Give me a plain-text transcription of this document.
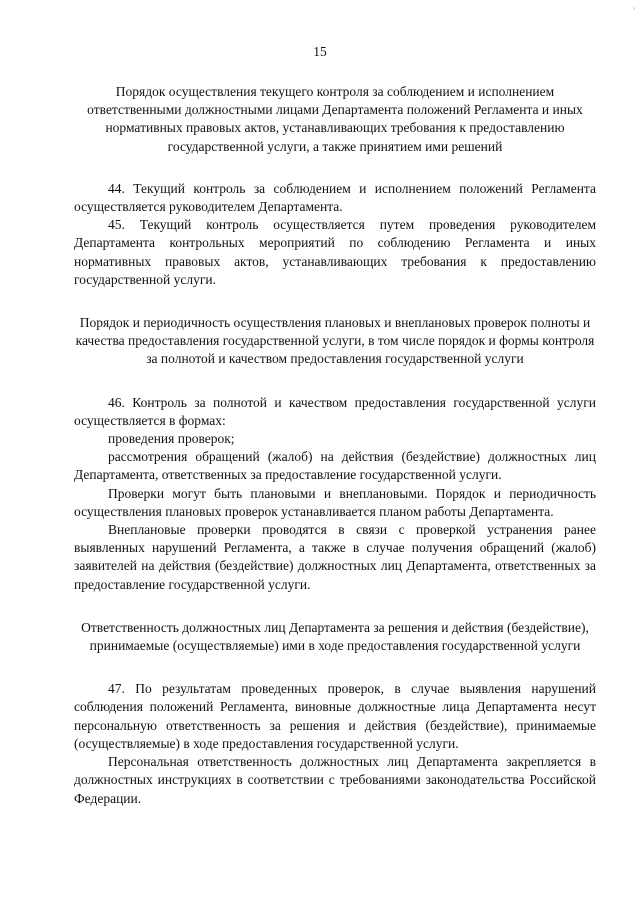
'
15

Порядок осуществления текущего контроля за соблюдением и исполнением ответственными должностными лицами Департамента положений Регламента и иных нормативных правовых актов, устанавливающих требования к предоставлению государственной услуги, а также принятием ими решений

44. Текущий контроль за соблюдением и исполнением положений Регламента осуществляется руководителем Департамента.

45. Текущий контроль осуществляется путем проведения руководителем Департамента контрольных мероприятий по соблюдению Регламента и иных нормативных правовых актов, устанавливающих требования к предоставлению государственной услуги.

Порядок и периодичность осуществления плановых и внеплановых проверок полноты и качества предоставления государственной услуги, в том числе порядок и формы контроля за полнотой и качеством предоставления государственной услуги

46. Контроль за полнотой и качеством предоставления государственной услуги осуществляется в формах:

проведения проверок;

рассмотрения обращений (жалоб) на действия (бездействие) должностных лиц Департамента, ответственных за предоставление государственной услуги.

Проверки могут быть плановыми и внеплановыми. Порядок и периодичность осуществления плановых проверок устанавливается планом работы Департамента.

Внеплановые проверки проводятся в связи с проверкой устранения ранее выявленных нарушений Регламента, а также в случае получения обращений (жалоб) заявителей на действия (бездействие) должностных лиц Департамента, ответственных за предоставление государственной услуги.

Ответственность должностных лиц Департамента за решения и действия (бездействие), принимаемые (осуществляемые) ими в ходе предоставления государственной услуги

47. По результатам проведенных проверок, в случае выявления нарушений соблюдения положений Регламента, виновные должностные лица Департамента несут персональную ответственность за решения и действия (бездействие), принимаемые (осуществляемые) в ходе предоставления государственной услуги.

Персональная ответственность должностных лиц Департамента закрепляется в должностных инструкциях в соответствии с требованиями законодательства Российской Федерации.
